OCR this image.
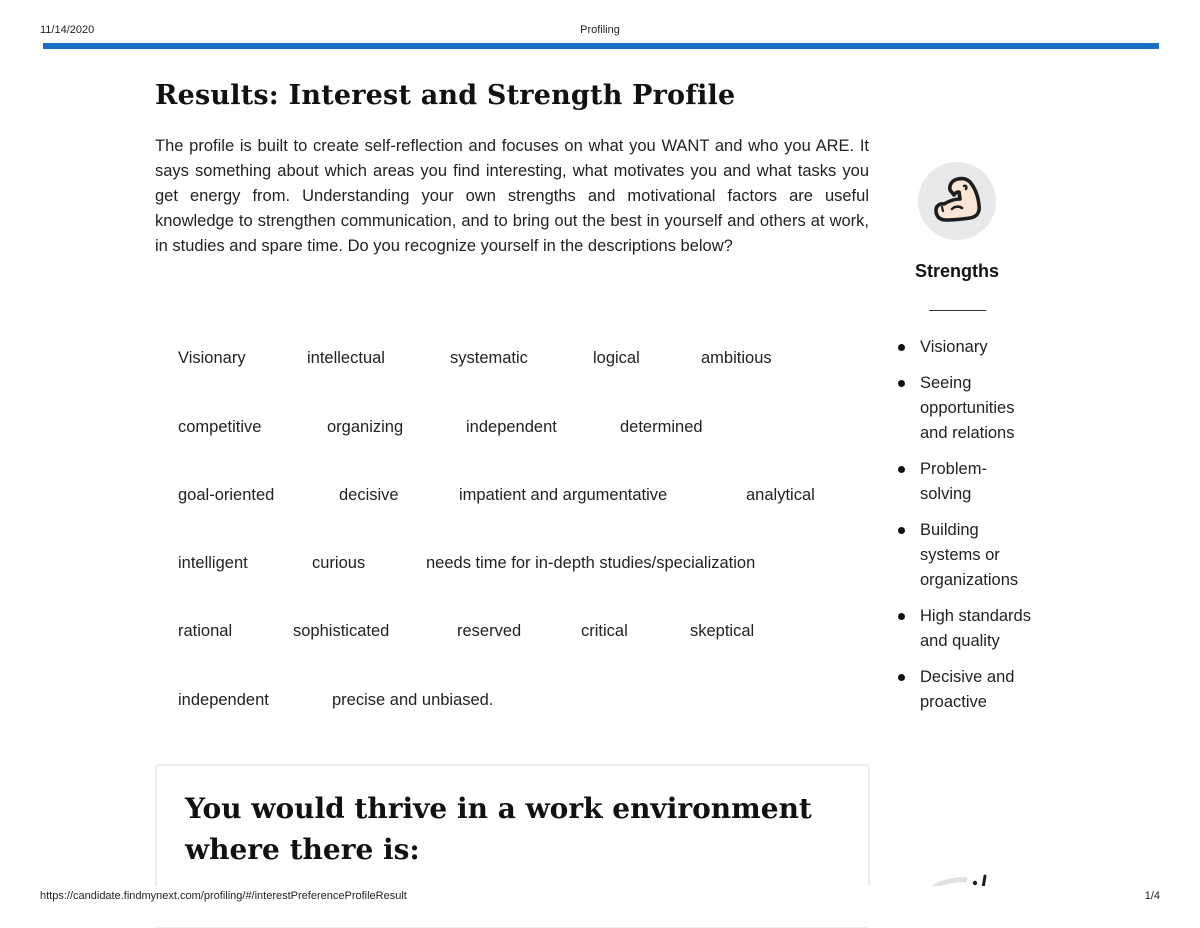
11/14/2020	Profiling
Results: Interest and Strength Profile

The profile is built to create self-reflection and focuses on what you WANT and who you ARE. It says something about which areas you find interesting, what motivates you and what tasks you get energy from. Understanding your own strengths and motivational factors are useful knowledge to strengthen communication, and to bring out the best in yourself and others at work, in studies and spare time. Do you recognize yourself in the descriptions below?

Visionary	intellectual	systematic	logical	ambitious
competitive	organizing	independent	determined
goal-oriented	decisive	impatient and argumentative	analytical
intelligent	curious	needs time for in-depth studies/specialization
rational	sophisticated	reserved	critical	skeptical
independent	precise and unbiased.
You would thrive in a work environment where there is:
Strengths
Visionary
Seeing opportunities and relations
Problem-solving
Building systems or organizations
High standards and quality
Decisive and proactive
https://candidate.findmynext.com/profiling/#/interestPreferenceProfileResult	1/4
